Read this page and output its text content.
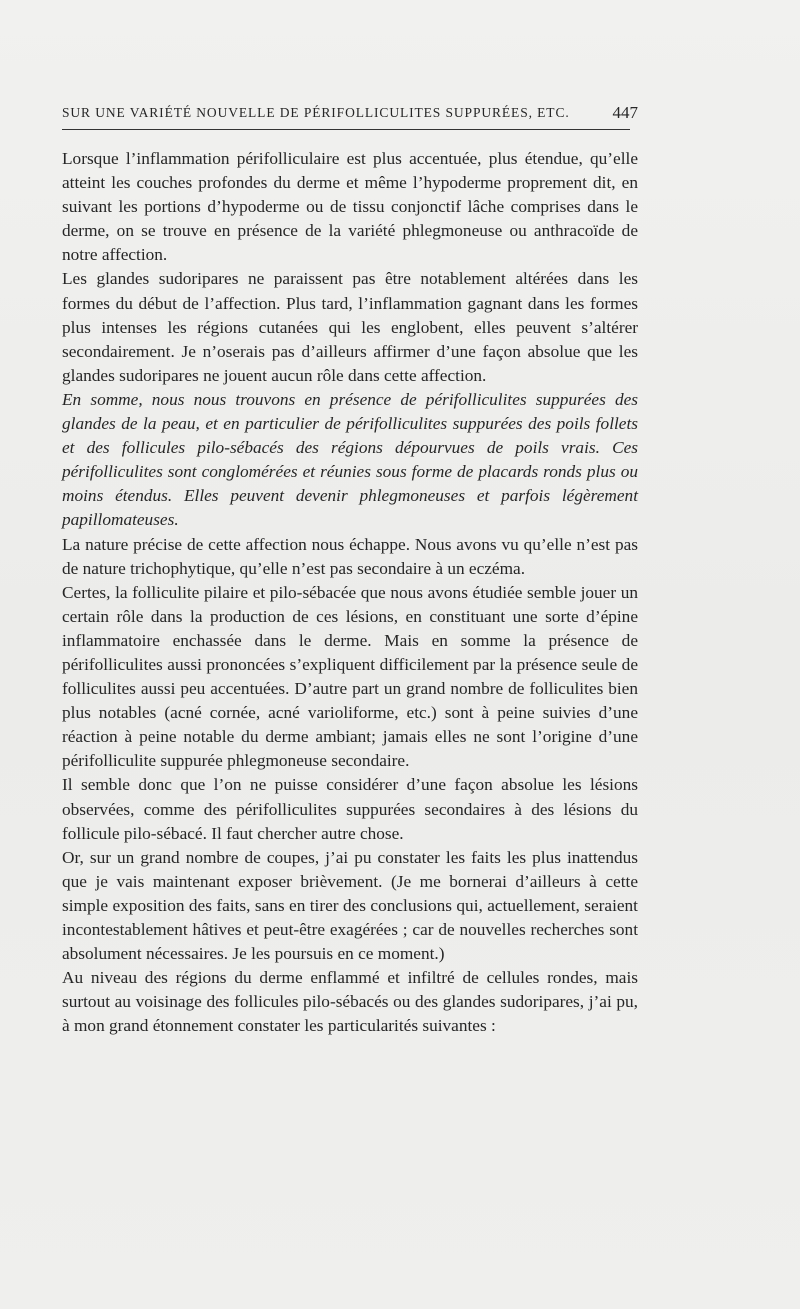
SUR UNE VARIÉTÉ NOUVELLE DE PÉRIFOLLICULITES SUPPURÉES, ETC.	447

Lorsque l’inflammation périfolliculaire est plus accentuée, plus étendue, qu’elle atteint les couches profondes du derme et même l’hypoderme proprement dit, en suivant les portions d’hypoderme ou de tissu conjonctif lâche comprises dans le derme, on se trouve en présence de la variété phlegmoneuse ou anthracoïde de notre affection.

Les glandes sudoripares ne paraissent pas être notablement altérées dans les formes du début de l’affection. Plus tard, l’inflammation gagnant dans les formes plus intenses les régions cutanées qui les englobent, elles peuvent s’altérer secondairement. Je n’oserais pas d’ailleurs affirmer d’une façon absolue que les glandes sudoripares ne jouent aucun rôle dans cette affection.

En somme, nous nous trouvons en présence de périfolliculites suppurées des glandes de la peau, et en particulier de périfolliculites suppurées des poils follets et des follicules pilo-sébacés des régions dépourvues de poils vrais. Ces périfolliculites sont conglomérées et réunies sous forme de placards ronds plus ou moins étendus. Elles peuvent devenir phlegmoneuses et parfois légèrement papillomateuses.

La nature précise de cette affection nous échappe. Nous avons vu qu’elle n’est pas de nature trichophytique, qu’elle n’est pas secondaire à un eczéma.

Certes, la folliculite pilaire et pilo-sébacée que nous avons étudiée semble jouer un certain rôle dans la production de ces lésions, en constituant une sorte d’épine inflammatoire enchassée dans le derme. Mais en somme la présence de périfolliculites aussi prononcées s’expliquent difficilement par la présence seule de folliculites aussi peu accentuées. D’autre part un grand nombre de folliculites bien plus notables (acné cornée, acné varioliforme, etc.) sont à peine suivies d’une réaction à peine notable du derme ambiant; jamais elles ne sont l’origine d’une périfolliculite suppurée phlegmoneuse secondaire.

Il semble donc que l’on ne puisse considérer d’une façon absolue les lésions observées, comme des périfolliculites suppurées secondaires à des lésions du follicule pilo-sébacé. Il faut chercher autre chose.

Or, sur un grand nombre de coupes, j’ai pu constater les faits les plus inattendus que je vais maintenant exposer brièvement. (Je me bornerai d’ailleurs à cette simple exposition des faits, sans en tirer des conclusions qui, actuellement, seraient incontestablement hâtives et peut-être exagérées ; car de nouvelles recherches sont absolument nécessaires. Je les poursuis en ce moment.)

Au niveau des régions du derme enflammé et infiltré de cellules rondes, mais surtout au voisinage des follicules pilo-sébacés ou des glandes sudoripares, j’ai pu, à mon grand étonnement constater les particularités suivantes :
